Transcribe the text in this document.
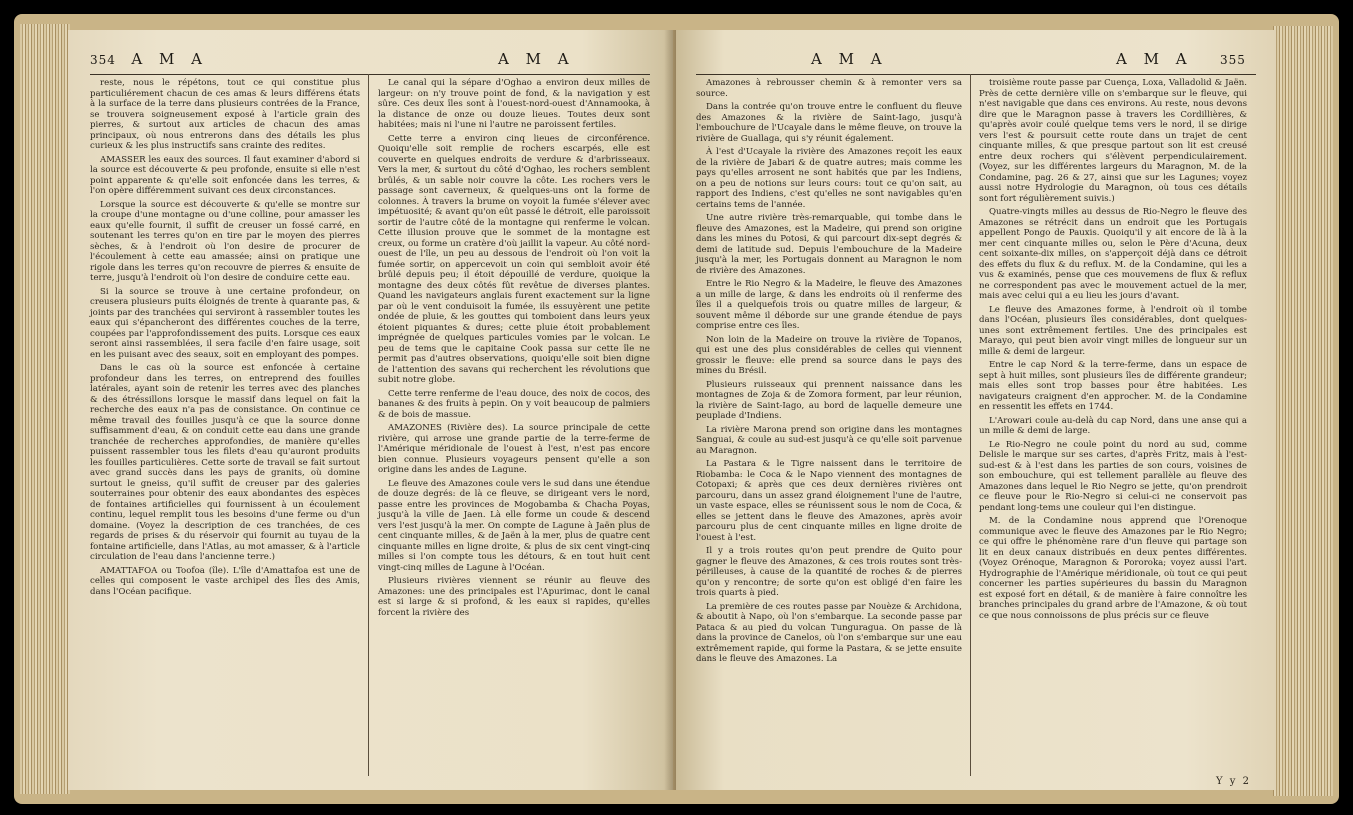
354 A M A	A M A

reste, nous le répétons, tout ce qui constitue plus particuliérement chacun de ces amas & leurs différens états à la surface de la terre dans plusieurs contrées de la France, se trouvera soigneusement exposé à l'article grain des pierres, & surtout aux articles de chacun des amas principaux, où nous entrerons dans des détails les plus curieux & les plus instructifs sans crainte des redites.

AMASSER les eaux des sources. Il faut examiner d'abord si la source est découverte & peu profonde, ensuite si elle n'est point apparente & qu'elle soit enfoncée dans les terres, & l'on opère différemment suivant ces deux circonstances.

Lorsque la source est découverte & qu'elle se montre sur la croupe d'une montagne ou d'une colline, pour amasser les eaux qu'elle fournit, il suffit de creuser un fossé carré, en soutenant les terres qu'on en tire par le moyen des pierres sèches, & à l'endroit où l'on desire de procurer de l'écoulement à cette eau amassée; ainsi on pratique une rigole dans les terres qu'on recouvre de pierres & ensuite de terre, jusqu'à l'endroit où l'on desire de conduire cette eau.

Si la source se trouve à une certaine profondeur, on creusera plusieurs puits éloignés de trente à quarante pas, & joints par des tranchées qui serviront à rassembler toutes les eaux qui s'épancheront des différentes couches de la terre, coupées par l'approfondissement des puits. Lorsque ces eaux seront ainsi rassemblées, il sera facile d'en faire usage, soit en les puisant avec des seaux, soit en employant des pompes.

Dans le cas où la source est enfoncée à certaine profondeur dans les terres, on entreprend des fouilles latérales, ayant soin de retenir les terres avec des planches & des étréssillons lorsque le massif dans lequel on fait la recherche des eaux n'a pas de consistance. On continue ce même travail des fouilles jusqu'à ce que la source donne suffisamment d'eau, & on conduit cette eau dans une grande tranchée de recherches approfondies, de manière qu'elles puissent rassembler tous les filets d'eau qu'auront produits les fouilles particulières. Cette sorte de travail se fait surtout avec grand succès dans les pays de granits, où domine surtout le gneiss, qu'il suffit de creuser par des galeries souterraines pour obtenir des eaux abondantes des espèces de fontaines artificielles qui fournissent à un écoulement continu, lequel remplit tous les besoins d'une ferme ou d'un domaine. (Voyez la description de ces tranchées, de ces regards de prises & du réservoir qui fournit au tuyau de la fontaine artificielle, dans l'Atlas, au mot amasser, & à l'article circulation de l'eau dans l'ancienne terre.)

AMATTAFOA ou Toofoa (île). L'île d'Amattafoa est une de celles qui composent le vaste archipel des Îles des Amis, dans l'Océan pacifique.

Le canal qui la sépare d'Oghao a environ deux milles de largeur: on n'y trouve point de fond, & la navigation y est sûre. Ces deux îles sont à l'ouest-nord-ouest d'Annamooka, à la distance de onze ou douze lieues. Toutes deux sont habitées; mais ni l'une ni l'autre ne paroissent fertiles.

Cette terre a environ cinq lieues de circonférence. Quoiqu'elle soit remplie de rochers escarpés, elle est couverte en quelques endroits de verdure & d'arbrisseaux. Vers la mer, & surtout du côté d'Oghao, les rochers semblent brûlés, & un sable noir couvre la côte. Les rochers vers le passage sont caverneux, & quelques-uns ont la forme de colonnes. À travers la brume on voyoit la fumée s'élever avec impétuosité; & avant qu'on eût passé le détroit, elle paroissoit sortir de l'autre côté de la montagne qui renferme le volcan. Cette illusion prouve que le sommet de la montagne est creux, ou forme un cratère d'où jaillit la vapeur. Au côté nord-ouest de l'île, un peu au dessous de l'endroit où l'on voit la fumée sortir, on appercevoit un coin qui sembloit avoir été brûlé depuis peu; il étoit dépouillé de verdure, quoique la montagne des deux côtés fût revêtue de diverses plantes. Quand les navigateurs anglais furent exactement sur la ligne par où le vent conduisoit la fumée, ils essuyèrent une petite ondée de pluie, & les gouttes qui tomboient dans leurs yeux étoient piquantes & dures; cette pluie étoit probablement imprégnée de quelques particules vomies par le volcan. Le peu de tems que le capitaine Cook passa sur cette île ne permit pas d'autres observations, quoiqu'elle soit bien digne de l'attention des savans qui recherchent les révolutions que subit notre globe.

Cette terre renferme de l'eau douce, des noix de cocos, des bananes & des fruits à pepin. On y voit beaucoup de palmiers & de bois de massue.

AMAZONES (Rivière des). La source principale de cette rivière, qui arrose une grande partie de la terre-ferme de l'Amérique méridionale de l'ouest à l'est, n'est pas encore bien connue. Plusieurs voyageurs pensent qu'elle a son origine dans les andes de Lagune.

Le fleuve des Amazones coule vers le sud dans une étendue de douze degrés: de là ce fleuve, se dirigeant vers le nord, passe entre les provinces de Mogobamba & Chacha Poyas, jusqu'à la ville de Jaen. Là elle forme un coude & descend vers l'est jusqu'à la mer. On compte de Lagune à Jaën plus de cent cinquante milles, & de Jaën à la mer, plus de quatre cent cinquante milles en ligne droite, & plus de six cent vingt-cinq milles si l'on compte tous les détours, & en tout huit cent vingt-cinq milles de Lagune à l'Océan.

Plusieurs rivières viennent se réunir au fleuve des Amazones: une des principales est l'Apurimac, dont le canal est si large & si profond, & les eaux si rapides, qu'elles forcent la rivière des

A M A	A M A 355

Amazones à rebrousser chemin & à remonter vers sa source.

Dans la contrée qu'on trouve entre le confluent du fleuve des Amazones & la rivière de Saint-Iago, jusqu'à l'embouchure de l'Ucayale dans le même fleuve, on trouve la rivière de Guallaga, qui s'y réunit également.

À l'est d'Ucayale la rivière des Amazones reçoit les eaux de la rivière de Jabari & de quatre autres; mais comme les pays qu'elles arrosent ne sont habités que par les Indiens, on a peu de notions sur leurs cours: tout ce qu'on sait, au rapport des Indiens, c'est qu'elles ne sont navigables qu'en certains tems de l'année.

Une autre rivière très-remarquable, qui tombe dans le fleuve des Amazones, est la Madeire, qui prend son origine dans les mines du Potosi, & qui parcourt dix-sept degrés & demi de latitude sud. Depuis l'embouchure de la Madeire jusqu'à la mer, les Portugais donnent au Maragnon le nom de rivière des Amazones.

Entre le Rio Negro & la Madeire, le fleuve des Amazones a un mille de large, & dans les endroits où il renferme des îles il a quelquefois trois ou quatre milles de largeur, & souvent même il déborde sur une grande étendue de pays comprise entre ces îles.

Non loin de la Madeire on trouve la rivière de Topanos, qui est une des plus considérables de celles qui viennent grossir le fleuve: elle prend sa source dans le pays des mines du Brésil.

Plusieurs ruisseaux qui prennent naissance dans les montagnes de Zoja & de Zomora forment, par leur réunion, la rivière de Saint-Iago, au bord de laquelle demeure une peuplade d'Indiens.

La rivière Marona prend son origine dans les montagnes Sanguai, & coule au sud-est jusqu'à ce qu'elle soit parvenue au Maragnon.

La Pastara & le Tigre naissent dans le territoire de Riobamba: le Coca & le Napo viennent des montagnes de Cotopaxi; & après que ces deux dernières rivières ont parcouru, dans un assez grand éloignement l'une de l'autre, un vaste espace, elles se réunissent sous le nom de Coca, & elles se jettent dans le fleuve des Amazones, après avoir parcouru plus de cent cinquante milles en ligne droite de l'ouest à l'est.

Il y a trois routes qu'on peut prendre de Quito pour gagner le fleuve des Amazones, & ces trois routes sont très-périlleuses, à cause de la quantité de roches & de pierres qu'on y rencontre; de sorte qu'on est obligé d'en faire les trois quarts à pied.

La première de ces routes passe par Nouèze & Archidona, & aboutit à Napo, où l'on s'embarque. La seconde passe par Pataca & au pied du volcan Tunguragua. On passe de là dans la province de Canelos, où l'on s'embarque sur une eau extrêmement rapide, qui forme la Pastara, & se jette ensuite dans le fleuve des Amazones. La

troisième route passe par Cuença, Loxa, Valladolid & Jaën. Près de cette dernière ville on s'embarque sur le fleuve, qui n'est navigable que dans ces environs. Au reste, nous devons dire que le Maragnon passe à travers les Cordillières, & qu'après avoir coulé quelque tems vers le nord, il se dirige vers l'est & poursuit cette route dans un trajet de cent cinquante milles, & que presque partout son lit est creusé entre deux rochers qui s'élèvent perpendiculairement. (Voyez, sur les différentes largeurs du Maragnon, M. de la Condamine, pag. 26 & 27, ainsi que sur les Lagunes; voyez aussi notre Hydrologie du Maragnon, où tous ces détails sont fort régulièrement suivis.)

Quatre-vingts milles au dessus de Rio-Negro le fleuve des Amazones se rétrécit dans un endroit que les Portugais appellent Pongo de Pauxis. Quoiqu'il y ait encore de là à la mer cent cinquante milles ou, selon le Père d'Acuna, deux cent soixante-dix milles, on s'apperçoit déjà dans ce détroit des effets du flux & du reflux. M. de la Condamine, qui les a vus & examinés, pense que ces mouvemens de flux & reflux ne correspondent pas avec le mouvement actuel de la mer, mais avec celui qui a eu lieu les jours d'avant.

Le fleuve des Amazones forme, à l'endroit où il tombe dans l'Océan, plusieurs îles considérables, dont quelques-unes sont extrêmement fertiles. Une des principales est Marayo, qui peut bien avoir vingt milles de longueur sur un mille & demi de largeur.

Entre le cap Nord & la terre-ferme, dans un espace de sept à huit milles, sont plusieurs îles de différente grandeur; mais elles sont trop basses pour être habitées. Les navigateurs craignent d'en approcher. M. de la Condamine en ressentit les effets en 1744.

L'Arowari coule au-delà du cap Nord, dans une anse qui a un mille & demi de large.

Le Rio-Negro ne coule point du nord au sud, comme Delisle le marque sur ses cartes, d'après Fritz, mais à l'est-sud-est & à l'est dans les parties de son cours, voisines de son embouchure, qui est tellement parallèle au fleuve des Amazones dans lequel le Rio Negro se jette, qu'on prendroit ce fleuve pour le Rio-Negro si celui-ci ne conservoit pas pendant long-tems une couleur qui l'en distingue.

M. de la Condamine nous apprend que l'Orenoque communique avec le fleuve des Amazones par le Rio Negro; ce qui offre le phénomène rare d'un fleuve qui partage son lit en deux canaux distribués en deux pentes différentes. (Voyez Orénoque, Maragnon & Pororoka; voyez aussi l'art. Hydrographie de l'Amérique méridionale, où tout ce qui peut concerner les parties supérieures du bassin du Maragnon est exposé fort en détail, & de manière à faire connoître les branches principales du grand arbre de l'Amazone, & où tout ce que nous connoissons de plus précis sur ce fleuve

Y y 2
